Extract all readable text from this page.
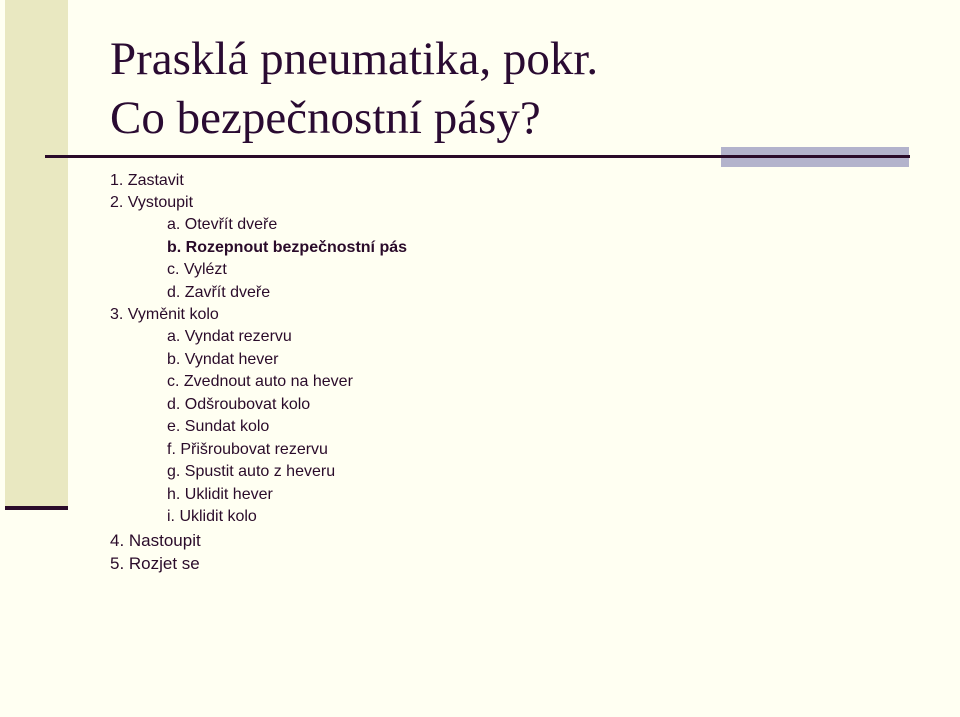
Prasklá pneumatika, pokr.
Co bezpečnostní pásy?
1. Zastavit
2. Vystoupit
a. Otevřít dveře
b. Rozepnout bezpečnostní pás
c. Vylézt
d. Zavřít dveře
3. Vyměnit kolo
a. Vyndat rezervu
b. Vyndat hever
c. Zvednout auto na hever
d. Odšroubovat kolo
e. Sundat kolo
f. Přišroubovat rezervu
g. Spustit auto z heveru
h. Uklidit hever
i. Uklidit kolo
4. Nastoupit
5. Rozjet se
